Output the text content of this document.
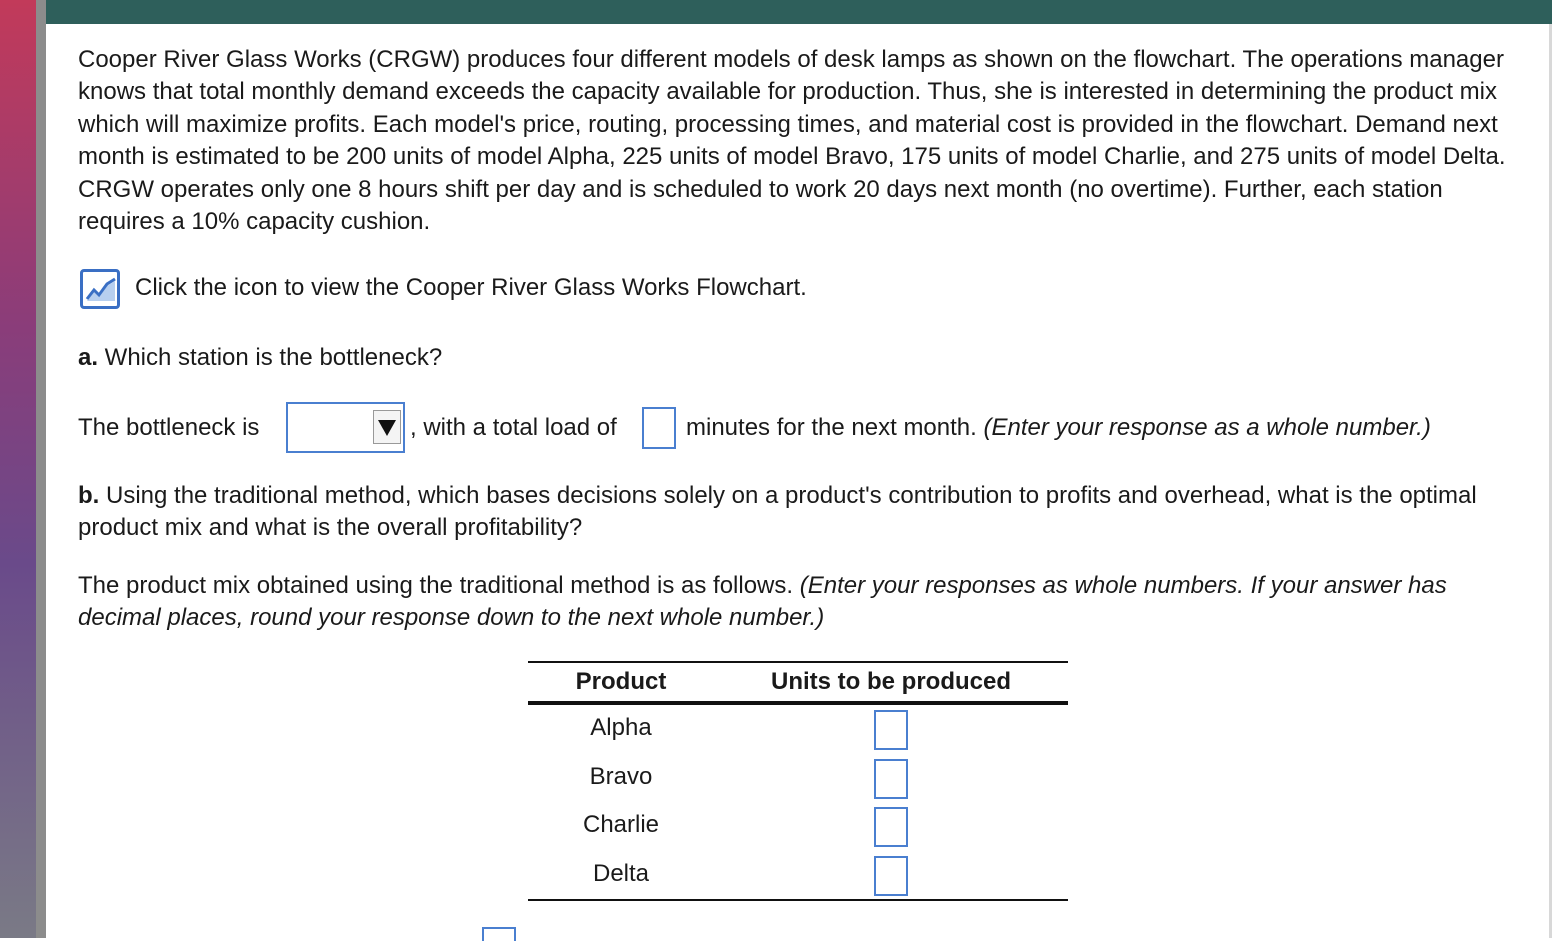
Cooper River Glass Works (CRGW) produces four different models of desk lamps as shown on the flowchart. The operations manager knows that total monthly demand exceeds the capacity available for production. Thus, she is interested in determining the product mix which will maximize profits. Each model's price, routing, processing times, and material cost is provided in the flowchart. Demand next month is estimated to be 200 units of model Alpha, 225 units of model Bravo, 175 units of model Charlie, and 275 units of model Delta. CRGW operates only one 8 hours shift per day and is scheduled to work 20 days next month (no overtime). Further, each station requires a 10% capacity cushion.

Click the icon to view the Cooper River Glass Works Flowchart.
a. Which station is the bottleneck?
The bottleneck is	, with a total load of	minutes for the next month. (Enter your response as a whole number.)
b. Using the traditional method, which bases decisions solely on a product's contribution to profits and overhead, what is the optimal product mix and what is the overall profitability?
The product mix obtained using the traditional method is as follows. (Enter your responses as whole numbers. If your answer has decimal places, round your response down to the next whole number.)
Product	Units to be produced
Alpha
Bravo
Charlie
Delta
